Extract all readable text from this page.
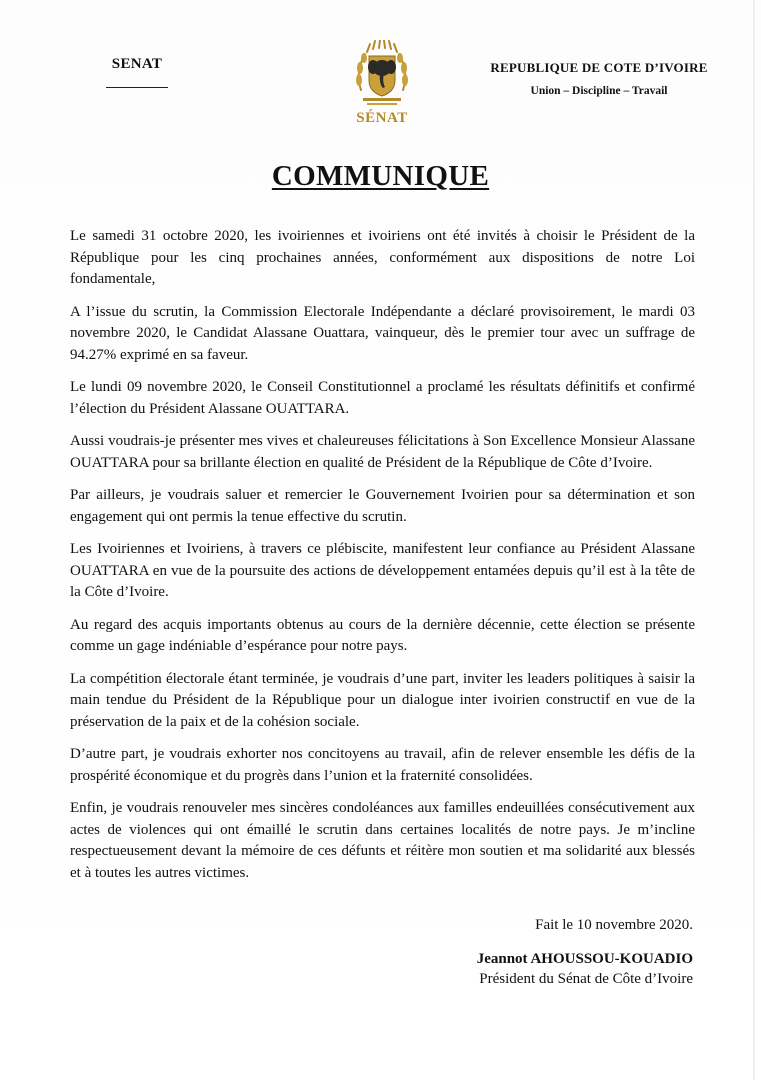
SENAT
SÉNAT
REPUBLIQUE DE COTE D’IVOIRE
Union – Discipline – Travail
COMMUNIQUE

Le samedi 31 octobre 2020, les ivoiriennes et ivoiriens ont été invités à choisir le Président de la République pour les cinq prochaines années, conformément aux dispositions de notre Loi fondamentale,

A l’issue du scrutin, la Commission Electorale Indépendante a déclaré provisoirement, le mardi 03 novembre 2020, le Candidat Alassane Ouattara, vainqueur, dès le premier tour avec un suffrage de 94.27% exprimé en sa faveur.

Le lundi 09 novembre 2020, le Conseil Constitutionnel a proclamé les résultats définitifs et confirmé l’élection du Président Alassane OUATTARA.

Aussi voudrais-je présenter mes vives et chaleureuses félicitations à Son Excellence Monsieur Alassane OUATTARA pour sa brillante élection en qualité de Président de la République de Côte d’Ivoire.

Par ailleurs, je voudrais saluer et remercier le Gouvernement Ivoirien pour sa détermination et son engagement qui ont permis la tenue effective du scrutin.

Les Ivoiriennes et Ivoiriens, à travers ce plébiscite, manifestent leur confiance au Président Alassane OUATTARA en vue de la poursuite des actions de développement entamées depuis qu’il est à la tête de la Côte d’Ivoire.

Au regard des acquis importants obtenus au cours de la dernière décennie, cette élection se présente comme un gage indéniable d’espérance pour notre pays.

La compétition électorale étant terminée, je voudrais d’une part, inviter les leaders politiques à saisir la main tendue du Président de la République pour un dialogue inter ivoirien constructif en vue de la préservation de la paix et de la cohésion sociale.

D’autre part, je voudrais exhorter nos concitoyens au travail, afin de relever ensemble les défis de la prospérité économique et du progrès dans l’union et la fraternité consolidées.

Enfin, je voudrais renouveler mes sincères condoléances aux familles endeuillées consécutivement aux actes de violences qui ont émaillé le scrutin dans certaines localités de notre pays. Je m’incline respectueusement devant la mémoire de ces défunts et réitère mon soutien et ma solidarité aux blessés et à toutes les autres victimes.

Fait le 10 novembre 2020.
Jeannot AHOUSSOU-KOUADIO
Président du Sénat de Côte d’Ivoire
